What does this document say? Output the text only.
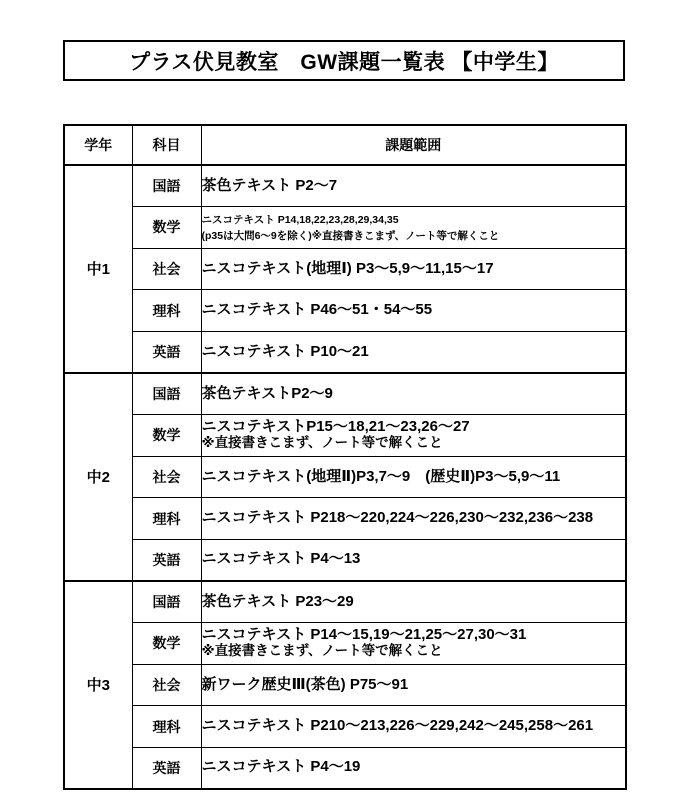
プラス伏見教室　GW課題一覧表 【中学生】
学年	科目	課題範囲
中1	国語	茶色テキスト P2～7

	数学	ニスコテキスト P14,18,22,23,28,29,34,35
(p35は大問6～9を除く)※直接書きこまず、ノート等で解くこと

	社会	ニスコテキスト(地理Ⅰ) P3～5,9～11,15～17

	理科	ニスコテキスト P46～51・54～55

	英語	ニスコテキスト P10～21

中2	国語	茶色テキストP2～9

	数学	ニスコテキストP15～18,21～23,26～27
※直接書きこまず、ノート等で解くこと

	社会	ニスコテキスト(地理Ⅱ)P3,7～9　(歴史Ⅱ)P3～5,9～11

	理科	ニスコテキスト P218～220,224～226,230～232,236～238

	英語	ニスコテキスト P4～13

中3	国語	茶色テキスト P23～29

	数学	ニスコテキスト P14～15,19～21,25～27,30～31
※直接書きこまず、ノート等で解くこと

	社会	新ワーク歴史Ⅲ(茶色) P75～91

	理科	ニスコテキスト P210～213,226～229,242～245,258～261

	英語	ニスコテキスト P4～19
